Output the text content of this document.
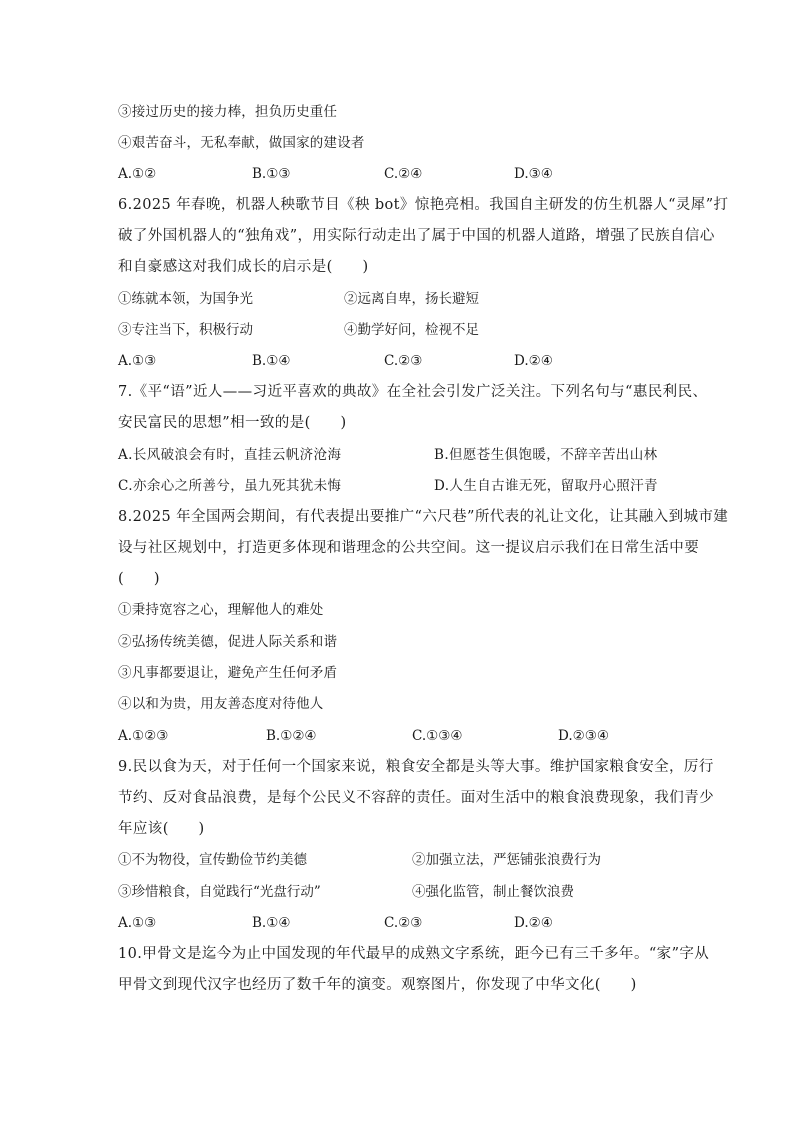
③接过历史的接力棒，担负历史重任
④艰苦奋斗，无私奉献，做国家的建设者
A.①②	B.①③	C.②④	D.③④
6.2025 年春晚，机器人秧歌节目《秧 bot》惊艳亮相。我国自主研发的仿生机器人“灵犀”打
破了外国机器人的“独角戏”，用实际行动走出了属于中国的机器人道路，增强了民族自信心
和自豪感这对我们成长的启示是(　　)
①练就本领，为国争光	②远离自卑，扬长避短
③专注当下，积极行动	④勤学好问，检视不足
A.①③	B.①④	C.②③	D.②④
7.《平“语”近人——习近平喜欢的典故》在全社会引发广泛关注。下列名句与“惠民利民、
安民富民的思想”相一致的是(　　)
A.长风破浪会有时，直挂云帆济沧海	B.但愿苍生俱饱暖，不辞辛苦出山林
C.亦余心之所善兮，虽九死其犹未悔	D.人生自古谁无死，留取丹心照汗青
8.2025 年全国两会期间，有代表提出要推广“六尺巷”所代表的礼让文化，让其融入到城市建
设与社区规划中，打造更多体现和谐理念的公共空间。这一提议启示我们在日常生活中要
(　　)
①秉持宽容之心，理解他人的难处
②弘扬传统美德，促进人际关系和谐
③凡事都要退让，避免产生任何矛盾
④以和为贵，用友善态度对待他人
A.①②③	B.①②④	C.①③④	D.②③④
9.民以食为天，对于任何一个国家来说，粮食安全都是头等大事。维护国家粮食安全，厉行
节约、反对食品浪费，是每个公民义不容辞的责任。面对生活中的粮食浪费现象，我们青少
年应该(　　)
①不为物役，宣传勤俭节约美德	②加强立法，严惩铺张浪费行为
③珍惜粮食，自觉践行“光盘行动”	④强化监管，制止餐饮浪费
A.①③	B.①④	C.②③	D.②④
10.甲骨文是迄今为止中国发现的年代最早的成熟文字系统，距今已有三千多年。“家”字从
甲骨文到现代汉字也经历了数千年的演变。观察图片，你发现了中华文化(　　)
